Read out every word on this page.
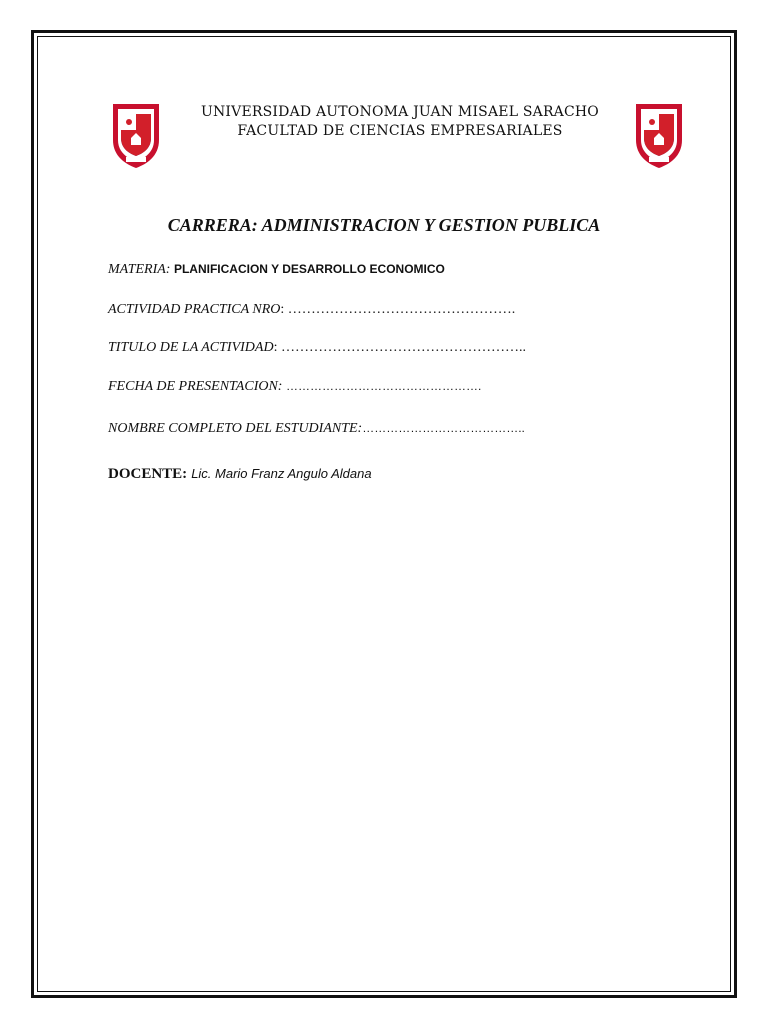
UNIVERSIDAD AUTONOMA JUAN MISAEL SARACHO
FACULTAD DE CIENCIAS EMPRESARIALES
CARRERA: ADMINISTRACION Y GESTION PUBLICA
MATERIA: PLANIFICACION Y DESARROLLO ECONOMICO
ACTIVIDAD PRACTICA NRO: ………………………………………….
TITULO DE LA ACTIVIDAD: ……………………………………………..
FECHA DE PRESENTACION: ………………………………………….
NOMBRE COMPLETO DEL ESTUDIANTE:…………………………………..
DOCENTE: Lic. Mario Franz Angulo Aldana
